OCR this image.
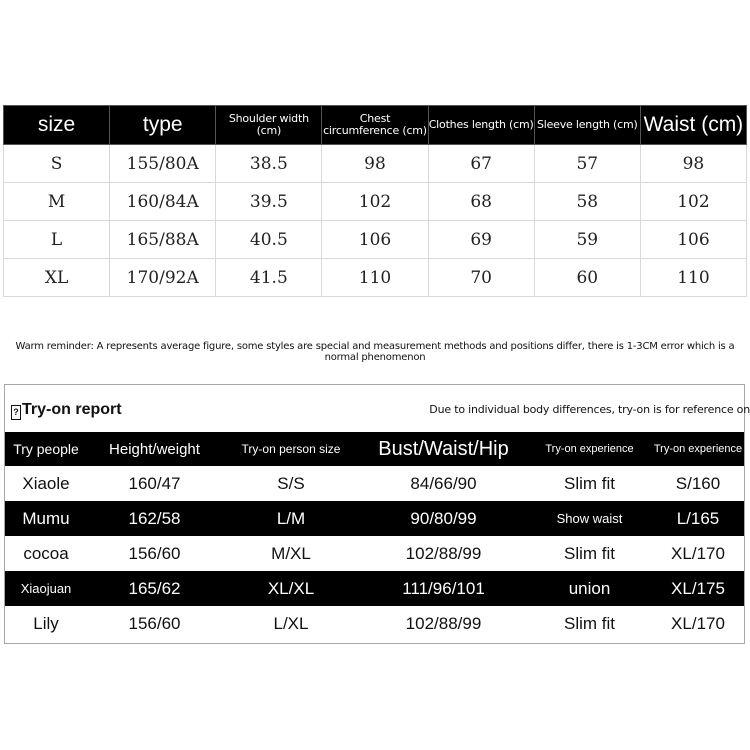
size	type	Shoulder width (cm)	Chest circumference (cm)	Clothes length (cm)	Sleeve length (cm)	Waist (cm)
S	155/80A	38.5	98	67	57	98
M	160/84A	39.5	102	68	58	102
L	165/88A	40.5	106	69	59	106
XL	170/92A	41.5	110	70	60	110
Warm reminder: A represents average figure, some styles are special and measurement methods and positions differ, there is 1-3CM error which is a normal phenomenon
? Try-on report	Due to individual body differences, try-on is for reference on
Try people	Height/weight	Try-on person size	Bust/Waist/Hip	Try-on experience	Try-on experience
Xiaole	160/47	S/S	84/66/90	Slim fit	S/160
Mumu	162/58	L/M	90/80/99	Show waist	L/165
cocoa	156/60	M/XL	102/88/99	Slim fit	XL/170
Xiaojuan	165/62	XL/XL	111/96/101	union	XL/175
Lily	156/60	L/XL	102/88/99	Slim fit	XL/170
